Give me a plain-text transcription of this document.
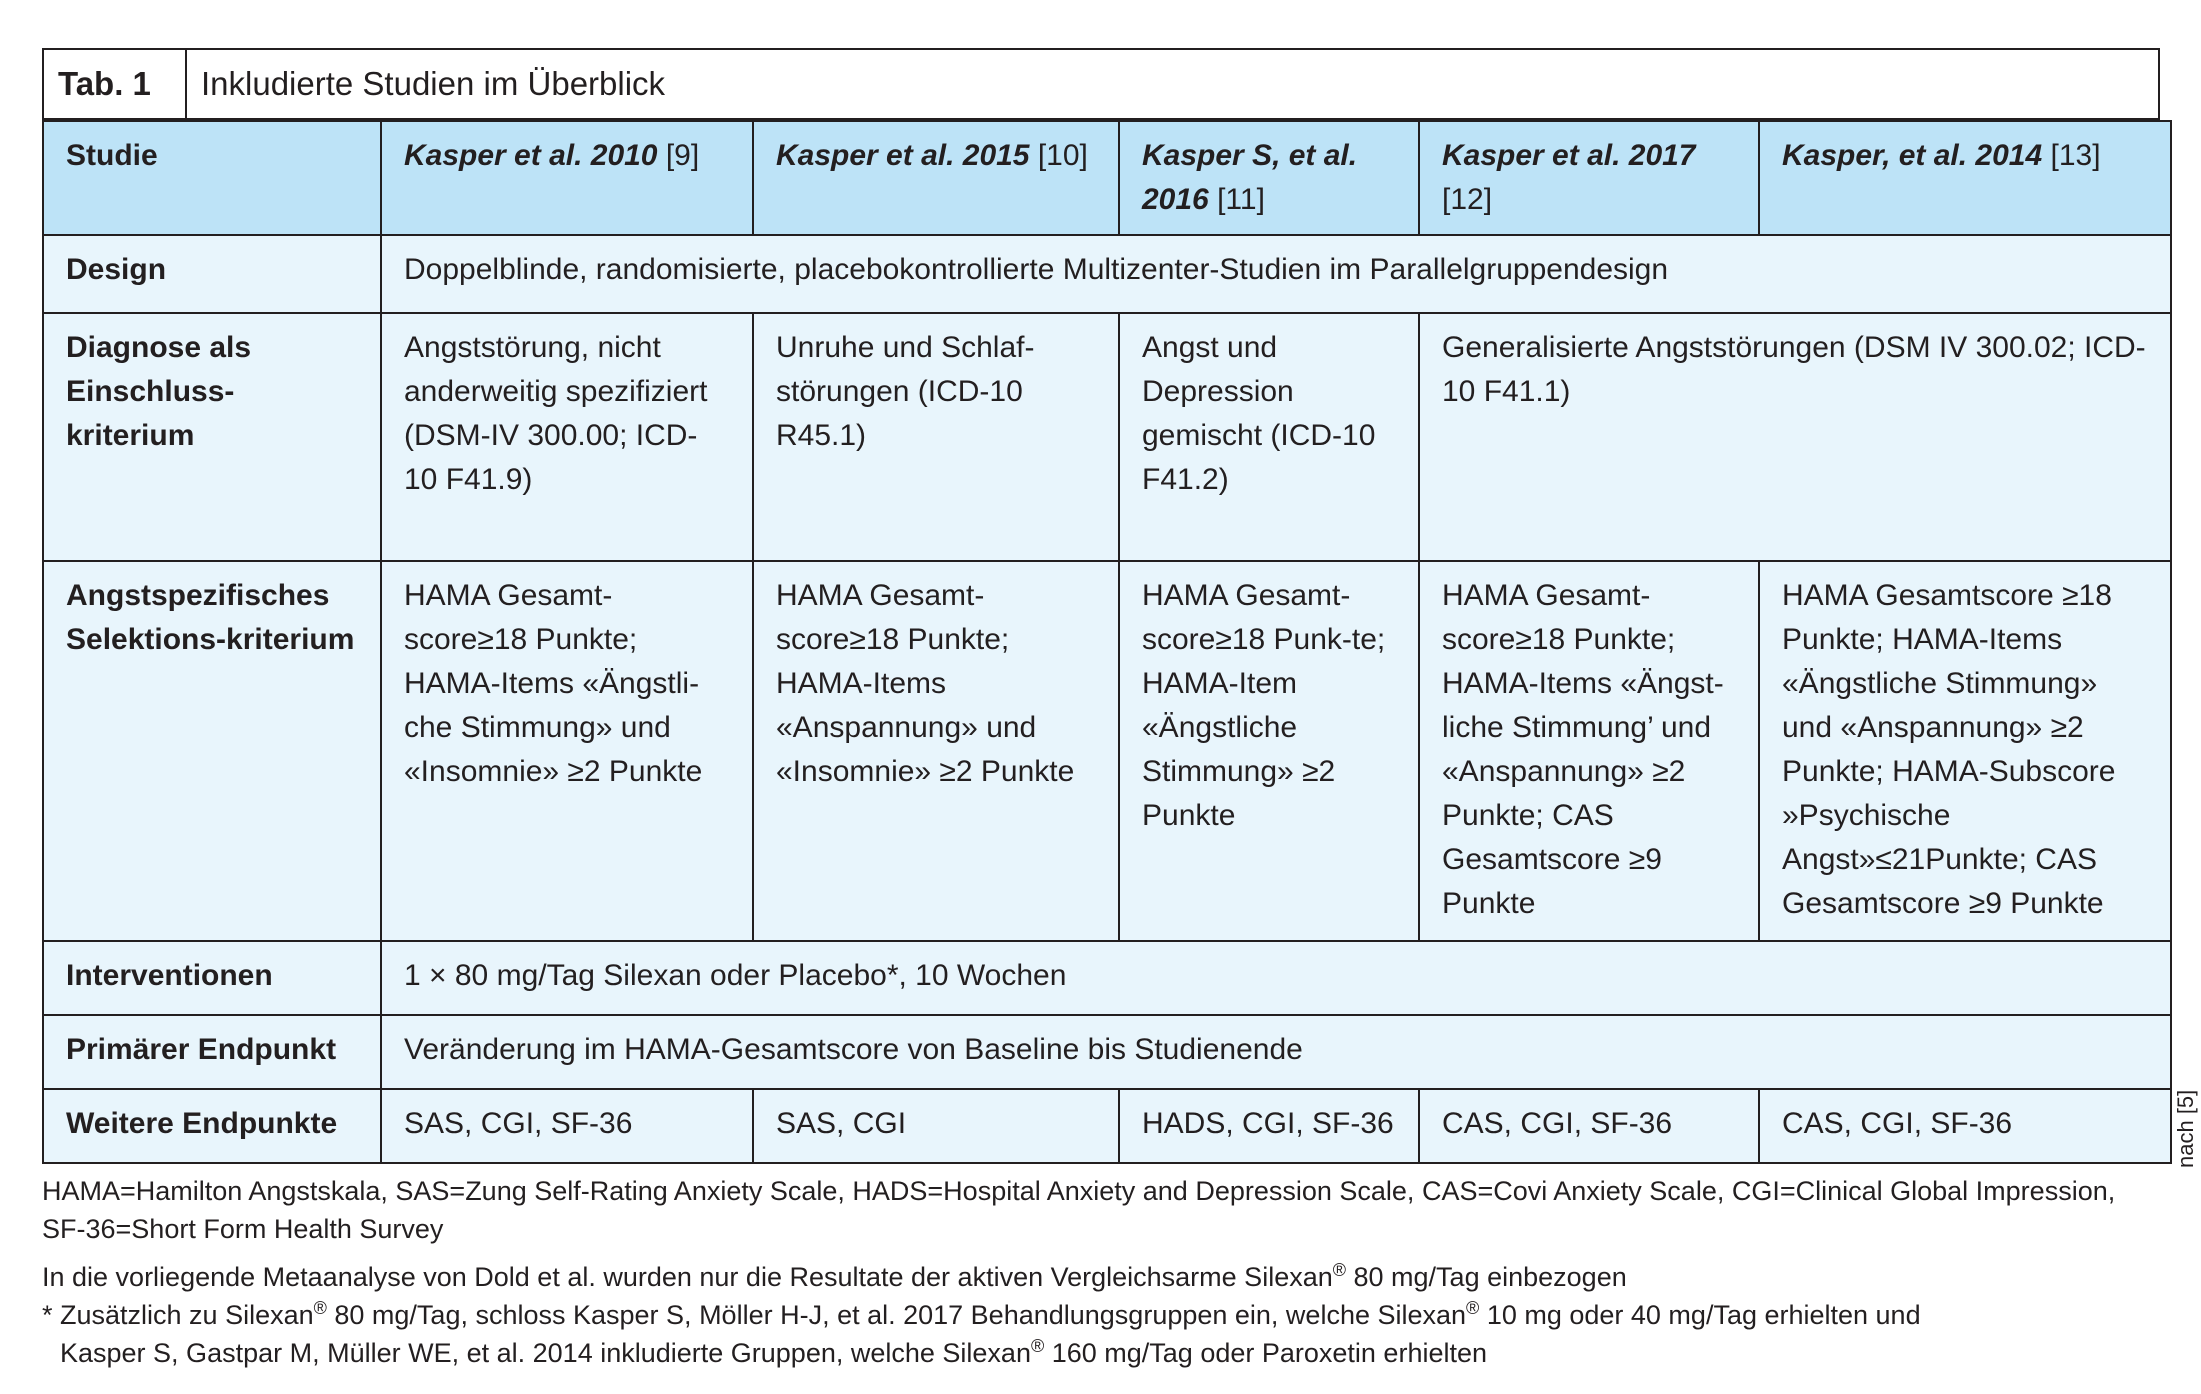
Tab. 1	Inkludierte Studien im Überblick
Studie	Kasper et al. 2010 [9]	Kasper et al. 2015 [10]	Kasper S, et al. 2016 [11]	Kasper et al. 2017 [12]	Kasper, et al. 2014 [13]
Design	Doppelblinde, randomisierte, placebokontrollierte Multizenter-Studien im Parallelgruppendesign				
Diagnose als Einschluss-kriterium	Angststörung, nicht anderweitig spezifiziert (DSM-IV 300.00; ICD-10 F41.9)	Unruhe und Schlaf-störungen (ICD-10 R45.1)	Angst und Depression gemischt (ICD-10 F41.2)	Generalisierte Angststörungen (DSM IV 300.02; ICD-10 F41.1)	
Angstspezifisches Selektions-kriterium	HAMA Gesamt-score≥18 Punkte; HAMA-Items «Ängstli-che Stimmung» und «Insomnie» ≥2 Punkte	HAMA Gesamt-score≥18 Punkte; HAMA-Items «Anspannung» und «Insomnie» ≥2 Punkte	HAMA Gesamt-score≥18 Punk-te; HAMA-Item «Ängstliche Stimmung» ≥2 Punkte	HAMA Gesamt-score≥18 Punkte; HAMA-Items «Ängst-liche Stimmung’ und «Anspannung» ≥2 Punkte; CAS Gesamtscore ≥9 Punkte	HAMA Gesamtscore ≥18 Punkte; HAMA-Items «Ängstliche Stimmung» und «Anspannung» ≥2 Punkte; HAMA-Subscore »Psychische Angst»≤21Punkte; CAS Gesamtscore ≥9 Punkte
Interventionen	1 × 80 mg/Tag Silexan oder Placebo*, 10 Wochen				
Primärer Endpunkt	Veränderung im HAMA-Gesamtscore von Baseline bis Studienende				
Weitere Endpunkte	SAS, CGI, SF-36	SAS, CGI	HADS, CGI, SF-36	CAS, CGI, SF-36	CAS, CGI, SF-36	nach [5]

HAMA=Hamilton Angstskala, SAS=Zung Self-Rating Anxiety Scale, HADS=Hospital Anxiety and Depression Scale, CAS=Covi Anxiety Scale, CGI=Clinical Global Impression, SF-36=Short Form Health Survey

In die vorliegende Metaanalyse von Dold et al. wurden nur die Resultate der aktiven Vergleichsarme Silexan® 80 mg/Tag einbezogen

* Zusätzlich zu Silexan® 80 mg/Tag, schloss Kasper S, Möller H-J, et al. 2017 Behandlungsgruppen ein, welche Silexan® 10 mg oder 40 mg/Tag erhielten und

Kasper S, Gastpar M, Müller WE, et al. 2014 inkludierte Gruppen, welche Silexan® 160 mg/Tag oder Paroxetin erhielten
